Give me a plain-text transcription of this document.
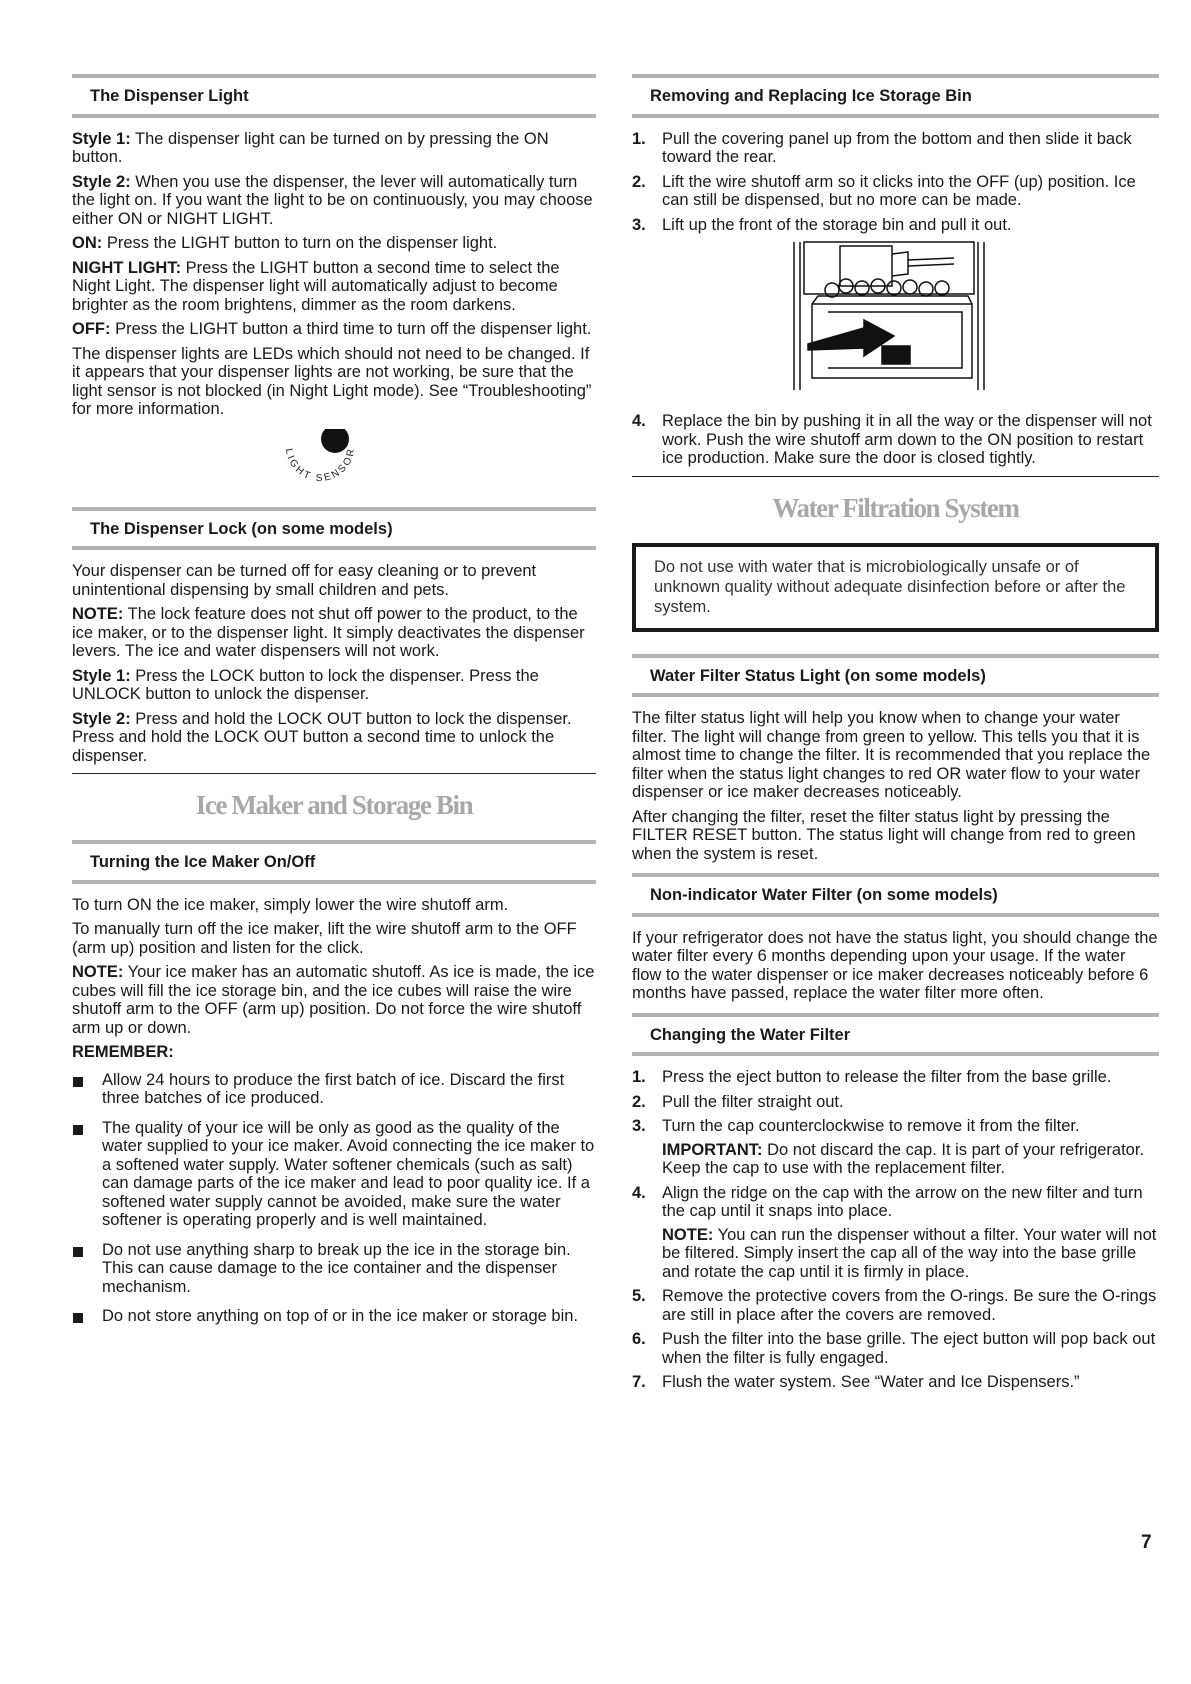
The Dispenser Light

Style 1: The dispenser light can be turned on by pressing the ON button.

Style 2: When you use the dispenser, the lever will automatically turn the light on. If you want the light to be on continuously, you may choose either ON or NIGHT LIGHT.

ON: Press the LIGHT button to turn on the dispenser light.

NIGHT LIGHT: Press the LIGHT button a second time to select the Night Light. The dispenser light will automatically adjust to become brighter as the room brightens, dimmer as the room darkens.

OFF: Press the LIGHT button a third time to turn off the dispenser light.

The dispenser lights are LEDs which should not need to be changed. If it appears that your dispenser lights are not working, be sure that the light sensor is not blocked (in Night Light mode). See “Troubleshooting” for more information.

LIGHT SENSOR
The Dispenser Lock (on some models)

Your dispenser can be turned off for easy cleaning or to prevent unintentional dispensing by small children and pets.

NOTE: The lock feature does not shut off power to the product, to the ice maker, or to the dispenser light. It simply deactivates the dispenser levers. The ice and water dispensers will not work.

Style 1: Press the LOCK button to lock the dispenser. Press the UNLOCK button to unlock the dispenser.

Style 2: Press and hold the LOCK OUT button to lock the dispenser. Press and hold the LOCK OUT button a second time to unlock the dispenser.

Ice Maker and Storage Bin
Turning the Ice Maker On/Off

To turn ON the ice maker, simply lower the wire shutoff arm.

To manually turn off the ice maker, lift the wire shutoff arm to the OFF (arm up) position and listen for the click.

NOTE: Your ice maker has an automatic shutoff. As ice is made, the ice cubes will fill the ice storage bin, and the ice cubes will raise the wire shutoff arm to the OFF (arm up) position. Do not force the wire shutoff arm up or down.

REMEMBER:

Allow 24 hours to produce the first batch of ice. Discard the first three batches of ice produced.
The quality of your ice will be only as good as the quality of the water supplied to your ice maker. Avoid connecting the ice maker to a softened water supply. Water softener chemicals (such as salt) can damage parts of the ice maker and lead to poor quality ice. If a softened water supply cannot be avoided, make sure the water softener is operating properly and is well maintained.
Do not use anything sharp to break up the ice in the storage bin. This can cause damage to the ice container and the dispenser mechanism.
Do not store anything on top of or in the ice maker or storage bin.
Removing and Replacing Ice Storage Bin
1. Pull the covering panel up from the bottom and then slide it back toward the rear.
2. Lift the wire shutoff arm so it clicks into the OFF (up) position. Ice can still be dispensed, but no more can be made.
3. Lift up the front of the storage bin and pull it out.
4. Replace the bin by pushing it in all the way or the dispenser will not work. Push the wire shutoff arm down to the ON position to restart ice production. Make sure the door is closed tightly.
Water Filtration System
Do not use with water that is microbiologically unsafe or of unknown quality without adequate disinfection before or after the system.
Water Filter Status Light (on some models)

The filter status light will help you know when to change your water filter. The light will change from green to yellow. This tells you that it is almost time to change the filter. It is recommended that you replace the filter when the status light changes to red OR water flow to your water dispenser or ice maker decreases noticeably.

After changing the filter, reset the filter status light by pressing the FILTER RESET button. The status light will change from red to green when the system is reset.

Non-indicator Water Filter (on some models)

If your refrigerator does not have the status light, you should change the water filter every 6 months depending upon your usage. If the water flow to the water dispenser or ice maker decreases noticeably before 6 months have passed, replace the water filter more often.

Changing the Water Filter
1. Press the eject button to release the filter from the base grille.
2. Pull the filter straight out.
3. Turn the cap counterclockwise to remove it from the filter.
IMPORTANT: Do not discard the cap. It is part of your refrigerator. Keep the cap to use with the replacement filter.
4. Align the ridge on the cap with the arrow on the new filter and turn the cap until it snaps into place.
NOTE: You can run the dispenser without a filter. Your water will not be filtered. Simply insert the cap all of the way into the base grille and rotate the cap until it is firmly in place.
5. Remove the protective covers from the O-rings. Be sure the O-rings are still in place after the covers are removed.
6. Push the filter into the base grille. The eject button will pop back out when the filter is fully engaged.
7. Flush the water system. See “Water and Ice Dispensers.”
7
